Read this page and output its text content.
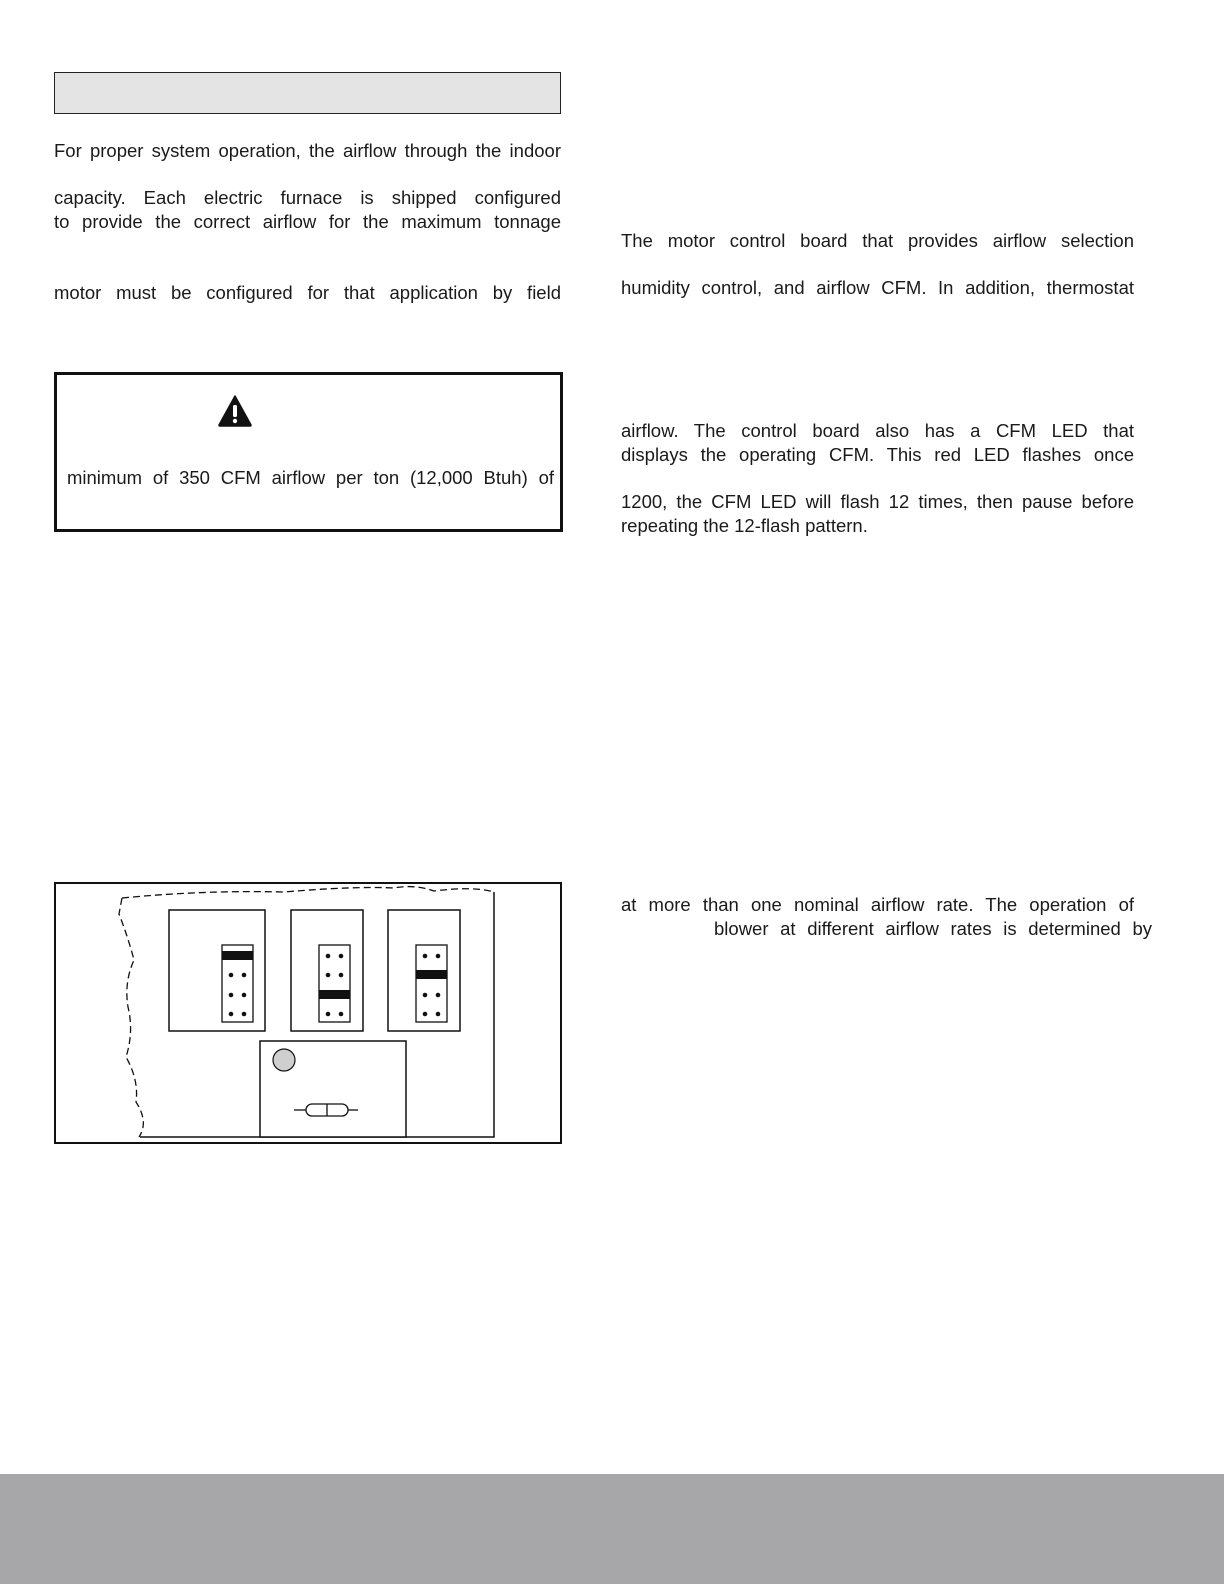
For proper system operation, the airflow through the indoor
capacity. Each electric furnace is shipped configured
to provide the correct airflow for the maximum tonnage
motor must be configured for that application by field
minimum of 350 CFM airflow per ton (12,000 Btuh) of
The motor control board that provides airflow selection
humidity control, and airflow CFM. In addition, thermostat
airflow. The control board also has a CFM LED that
displays the operating CFM. This red LED flashes once
1200, the CFM LED will flash 12 times, then pause before
repeating the 12-flash pattern.
at more than one nominal airflow rate. The operation of
blower at different airflow rates is determined by
